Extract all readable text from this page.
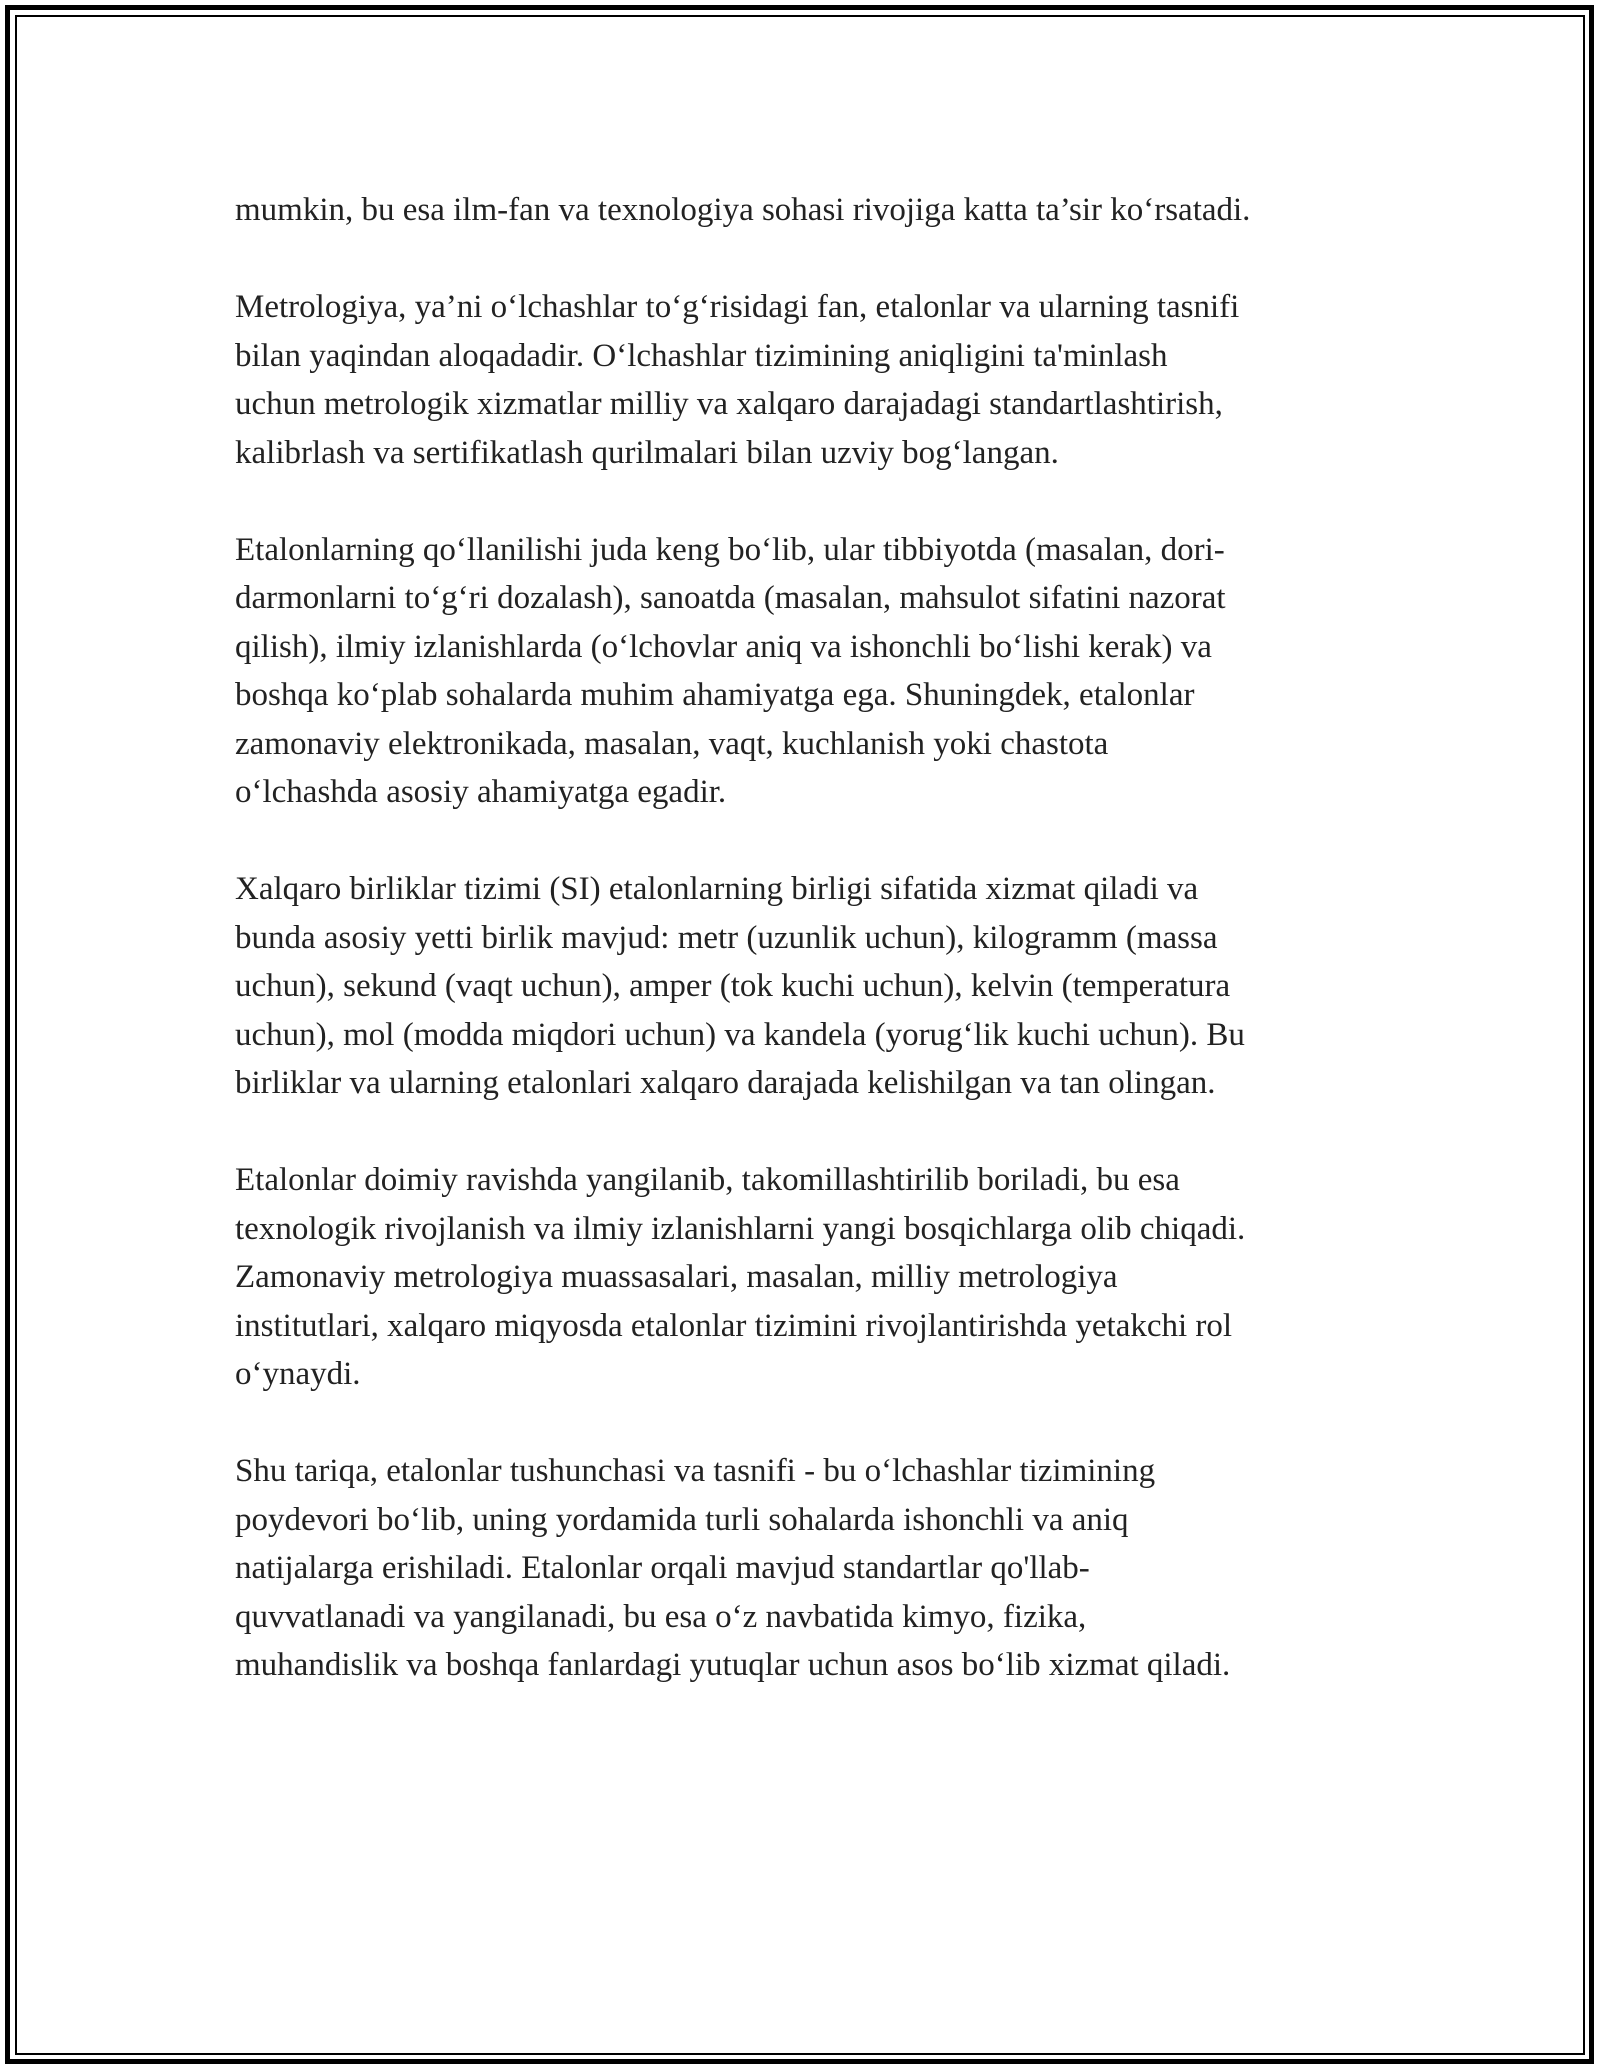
mumkin, bu esa ilm-fan va texnologiya sohasi rivojiga katta ta’sir ko‘rsatadi.

Metrologiya, ya’ni o‘lchashlar to‘g‘risidagi fan, etalonlar va ularning tasnifi
bilan yaqindan aloqadadir. O‘lchashlar tizimining aniqligini ta'minlash
uchun metrologik xizmatlar milliy va xalqaro darajadagi standartlashtirish,
kalibrlash va sertifikatlash qurilmalari bilan uzviy bog‘langan.

Etalonlarning qo‘llanilishi juda keng bo‘lib, ular tibbiyotda (masalan, dori-
darmonlarni to‘g‘ri dozalash), sanoatda (masalan, mahsulot sifatini nazorat
qilish), ilmiy izlanishlarda (o‘lchovlar aniq va ishonchli bo‘lishi kerak) va
boshqa ko‘plab sohalarda muhim ahamiyatga ega. Shuningdek, etalonlar
zamonaviy elektronikada, masalan, vaqt, kuchlanish yoki chastota
o‘lchashda asosiy ahamiyatga egadir.

Xalqaro birliklar tizimi (SI) etalonlarning birligi sifatida xizmat qiladi va
bunda asosiy yetti birlik mavjud: metr (uzunlik uchun), kilogramm (massa
uchun), sekund (vaqt uchun), amper (tok kuchi uchun), kelvin (temperatura
uchun), mol (modda miqdori uchun) va kandela (yorug‘lik kuchi uchun). Bu
birliklar va ularning etalonlari xalqaro darajada kelishilgan va tan olingan.

Etalonlar doimiy ravishda yangilanib, takomillashtirilib boriladi, bu esa
texnologik rivojlanish va ilmiy izlanishlarni yangi bosqichlarga olib chiqadi.
Zamonaviy metrologiya muassasalari, masalan, milliy metrologiya
institutlari, xalqaro miqyosda etalonlar tizimini rivojlantirishda yetakchi rol
o‘ynaydi.

Shu tariqa, etalonlar tushunchasi va tasnifi - bu o‘lchashlar tizimining
poydevori bo‘lib, uning yordamida turli sohalarda ishonchli va aniq
natijalarga erishiladi. Etalonlar orqali mavjud standartlar qo'llab-
quvvatlanadi va yangilanadi, bu esa o‘z navbatida kimyo, fizika,
muhandislik va boshqa fanlardagi yutuqlar uchun asos bo‘lib xizmat qiladi.
